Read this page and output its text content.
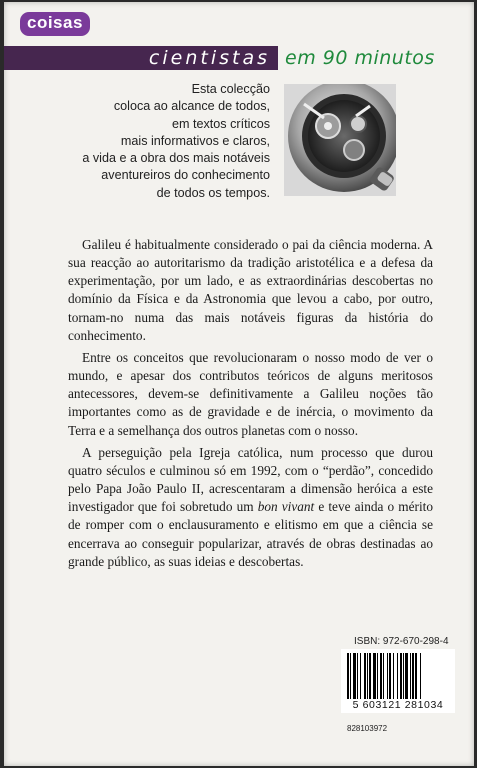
coisas
cientistas em 90 minutos
Esta colecção
coloca ao alcance de todos,
em textos críticos
mais informativos e claros,
a vida e a obra dos mais notáveis
aventureiros do conhecimento
de todos os tempos.

Galileu é habitualmente considerado o pai da ciência moderna. A sua reacção ao autoritarismo da tradição aristotélica e a defesa da experimentação, por um lado, e as extraordinárias descobertas no domínio da Física e da Astronomia que levou a cabo, por outro, tornam-no numa das mais notáveis figuras da história do conhecimento.

Entre os conceitos que revolucionaram o nosso modo de ver o mundo, e apesar dos contributos teóricos de alguns meritosos antecessores, devem-se definitivamente a Galileu noções tão importantes como as de gravidade e de inércia, o movimento da Terra e a semelhança dos outros planetas com o nosso.

A perseguição pela Igreja católica, num processo que durou quatro séculos e culminou só em 1992, com o “perdão”, concedido pelo Papa João Paulo II, acrescentaram a dimensão heróica a este investigador que foi sobretudo um bon vivant e teve ainda o mérito de romper com o enclausuramento e elitismo em que a ciência se encerrava ao conseguir popularizar, através de obras destinadas ao grande público, as suas ideias e descobertas.

ISBN: 972-670-298-4
5 603121 281034
828103972
